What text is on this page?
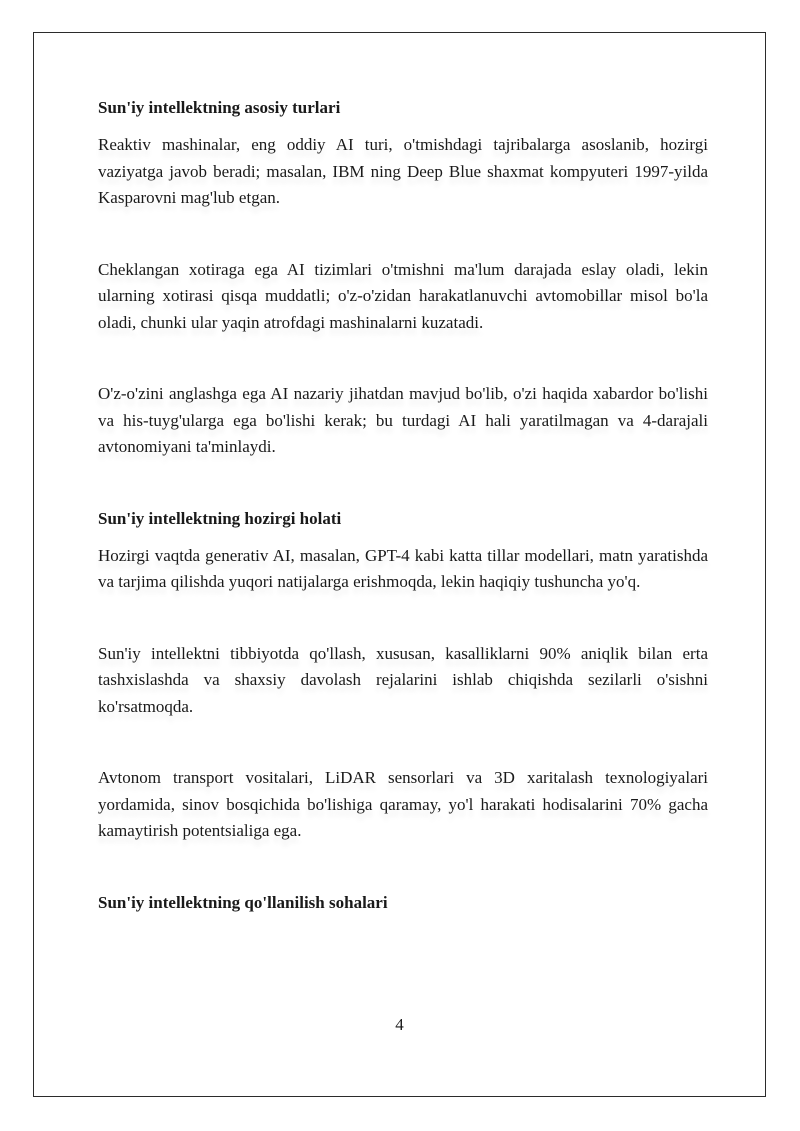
Sun'iy intellektning asosiy turlari

Reaktiv mashinalar, eng oddiy AI turi, o'tmishdagi tajribalarga asoslanib, hozirgi vaziyatga javob beradi; masalan, IBM ning Deep Blue shaxmat kompyuteri 1997-yilda Kasparovni mag'lub etgan.

Cheklangan xotiraga ega AI tizimlari o'tmishni ma'lum darajada eslay oladi, lekin ularning xotirasi qisqa muddatli; o'z-o'zidan harakatlanuvchi avtomobillar misol bo'la oladi, chunki ular yaqin atrofdagi mashinalarni kuzatadi.

O'z-o'zini anglashga ega AI nazariy jihatdan mavjud bo'lib, o'zi haqida xabardor bo'lishi va his-tuyg'ularga ega bo'lishi kerak; bu turdagi AI hali yaratilmagan va 4-darajali avtonomiyani ta'minlaydi.

Sun'iy intellektning hozirgi holati

Hozirgi vaqtda generativ AI, masalan, GPT-4 kabi katta tillar modellari, matn yaratishda va tarjima qilishda yuqori natijalarga erishmoqda, lekin haqiqiy tushuncha yo'q.

Sun'iy intellektni tibbiyotda qo'llash, xususan, kasalliklarni 90% aniqlik bilan erta tashxislashda va shaxsiy davolash rejalarini ishlab chiqishda sezilarli o'sishni ko'rsatmoqda.

Avtonom transport vositalari, LiDAR sensorlari va 3D xaritalash texnologiyalari yordamida, sinov bosqichida bo'lishiga qaramay, yo'l harakati hodisalarini 70% gacha kamaytirish potentsialiga ega.

Sun'iy intellektning qo'llanilish sohalari

4
